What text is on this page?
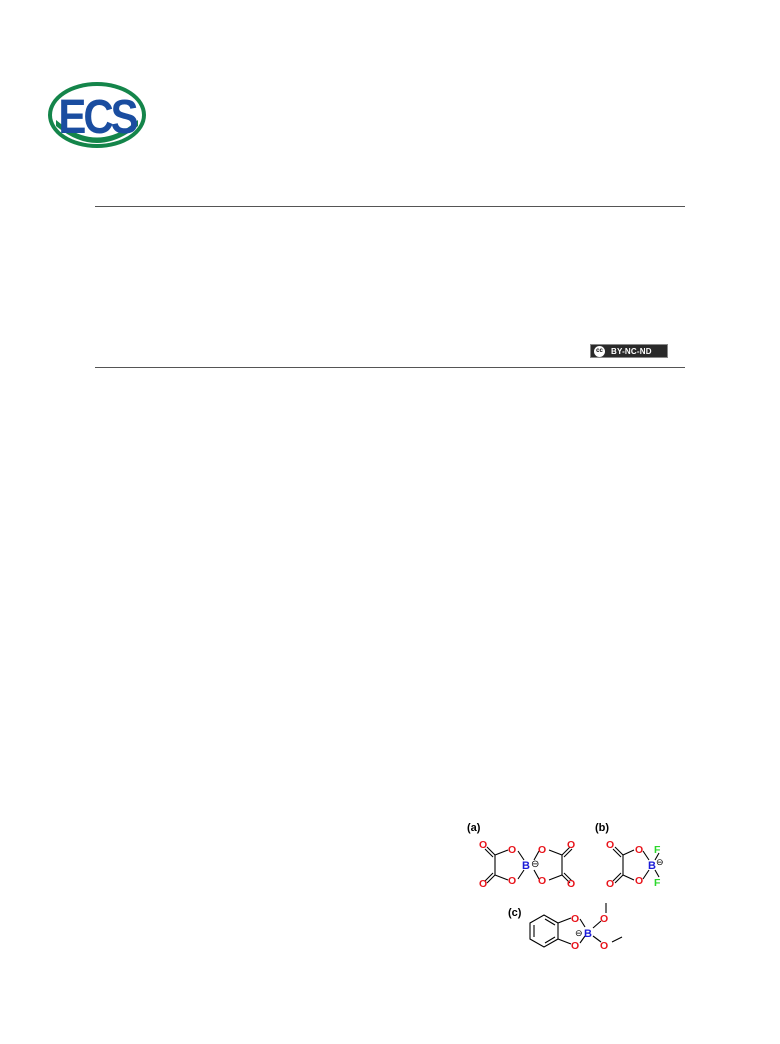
ECS
cc BY-NC-ND
(a)	(b)
(c)
O
O
O
O
B ⊖
O
O
O
O
O
O
O
O
B ⊖
F
F
O
O
⊖ B
O
O
